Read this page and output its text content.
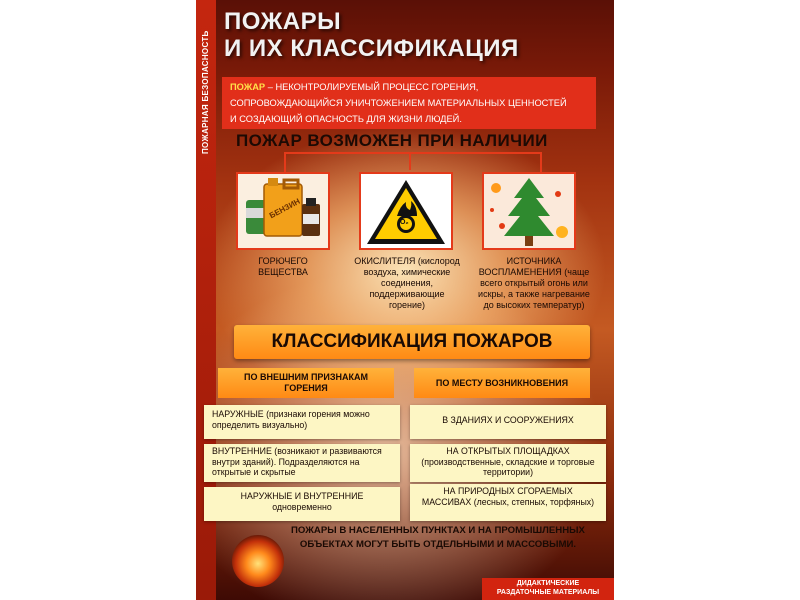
ПОЖАРНАЯ БЕЗОПАСНОСТЬ
ПОЖАРЫ
И ИХ КЛАССИФИКАЦИЯ
ПОЖАР – НЕКОНТРОЛИРУЕМЫЙ ПРОЦЕСС ГОРЕНИЯ,
СОПРОВОЖДАЮЩИЙСЯ УНИЧТОЖЕНИЕМ МАТЕРИАЛЬНЫХ ЦЕННОСТЕЙ
И СОЗДАЮЩИЙ ОПАСНОСТЬ ДЛЯ ЖИЗНИ ЛЮДЕЙ.
ПОЖАР ВОЗМОЖЕН ПРИ НАЛИЧИИ
БЕНЗИН
O₂
ГОРЮЧЕГО
ВЕЩЕСТВА
ОКИСЛИТЕЛЯ (кислород
воздуха, химические
соединения,
поддерживающие
горение)
ИСТОЧНИКА
ВОСПЛАМЕНЕНИЯ (чаще
всего открытый огонь или
искры, а также нагревание
до высоких температур)
КЛАССИФИКАЦИЯ ПОЖАРОВ
ПО ВНЕШНИМ ПРИЗНАКАМ
ГОРЕНИЯ	ПО МЕСТУ ВОЗНИКНОВЕНИЯ
НАРУЖНЫЕ (признаки горения можно определить визуально)
ВНУТРЕННИЕ (возникают и развиваются внутри зданий). Подразделяются на открытые и скрытые
НАРУЖНЫЕ И ВНУТРЕННИЕ
одновременно
В ЗДАНИЯХ И СООРУЖЕНИЯХ
НА ОТКРЫТЫХ ПЛОЩАДКАХ
(производственные, складские и торговые территории)
НА ПРИРОДНЫХ СГОРАЕМЫХ МАССИВАХ (лесных, степных, торфяных)
ПОЖАРЫ В НАСЕЛЕННЫХ ПУНКТАХ И НА ПРОМЫШЛЕННЫХ
ОБЪЕКТАХ МОГУТ БЫТЬ ОТДЕЛЬНЫМИ И МАССОВЫМИ.
ДИДАКТИЧЕСКИЕ
РАЗДАТОЧНЫЕ МАТЕРИАЛЫ
